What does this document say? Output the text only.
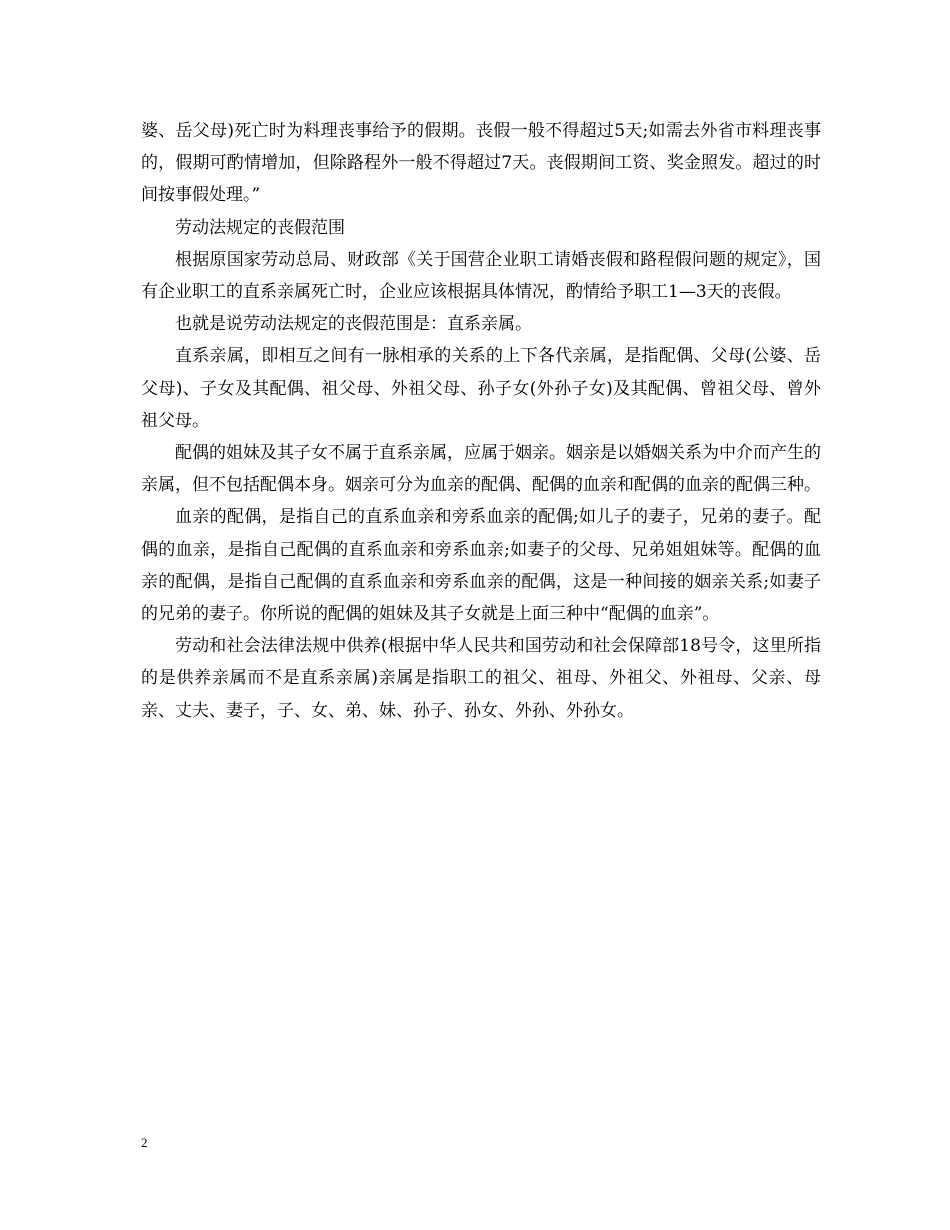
婆、岳父母)死亡时为料理丧事给予的假期。丧假一般不得超过5天;如需去外省市料理丧事的，假期可酌情增加，但除路程外一般不得超过7天。丧假期间工资、奖金照发。超过的时间按事假处理。”

劳动法规定的丧假范围

根据原国家劳动总局、财政部《关于国营企业职工请婚丧假和路程假问题的规定》，国有企业职工的直系亲属死亡时，企业应该根据具体情况，酌情给予职工1—3天的丧假。

也就是说劳动法规定的丧假范围是：直系亲属。

直系亲属，即相互之间有一脉相承的关系的上下各代亲属，是指配偶、父母(公婆、岳父母)、子女及其配偶、祖父母、外祖父母、孙子女(外孙子女)及其配偶、曾祖父母、曾外祖父母。

配偶的姐妹及其子女不属于直系亲属，应属于姻亲。姻亲是以婚姻关系为中介而产生的亲属，但不包括配偶本身。姻亲可分为血亲的配偶、配偶的血亲和配偶的血亲的配偶三种。

血亲的配偶，是指自己的直系血亲和旁系血亲的配偶;如儿子的妻子，兄弟的妻子。配偶的血亲，是指自己配偶的直系血亲和旁系血亲;如妻子的父母、兄弟姐姐妹等。配偶的血亲的配偶，是指自己配偶的直系血亲和旁系血亲的配偶，这是一种间接的姻亲关系;如妻子的兄弟的妻子。你所说的配偶的姐妹及其子女就是上面三种中“配偶的血亲”。

劳动和社会法律法规中供养(根据中华人民共和国劳动和社会保障部18号令，这里所指的是供养亲属而不是直系亲属)亲属是指职工的祖父、祖母、外祖父、外祖母、父亲、母亲、丈夫、妻子，子、女、弟、妹、孙子、孙女、外孙、外孙女。

2
